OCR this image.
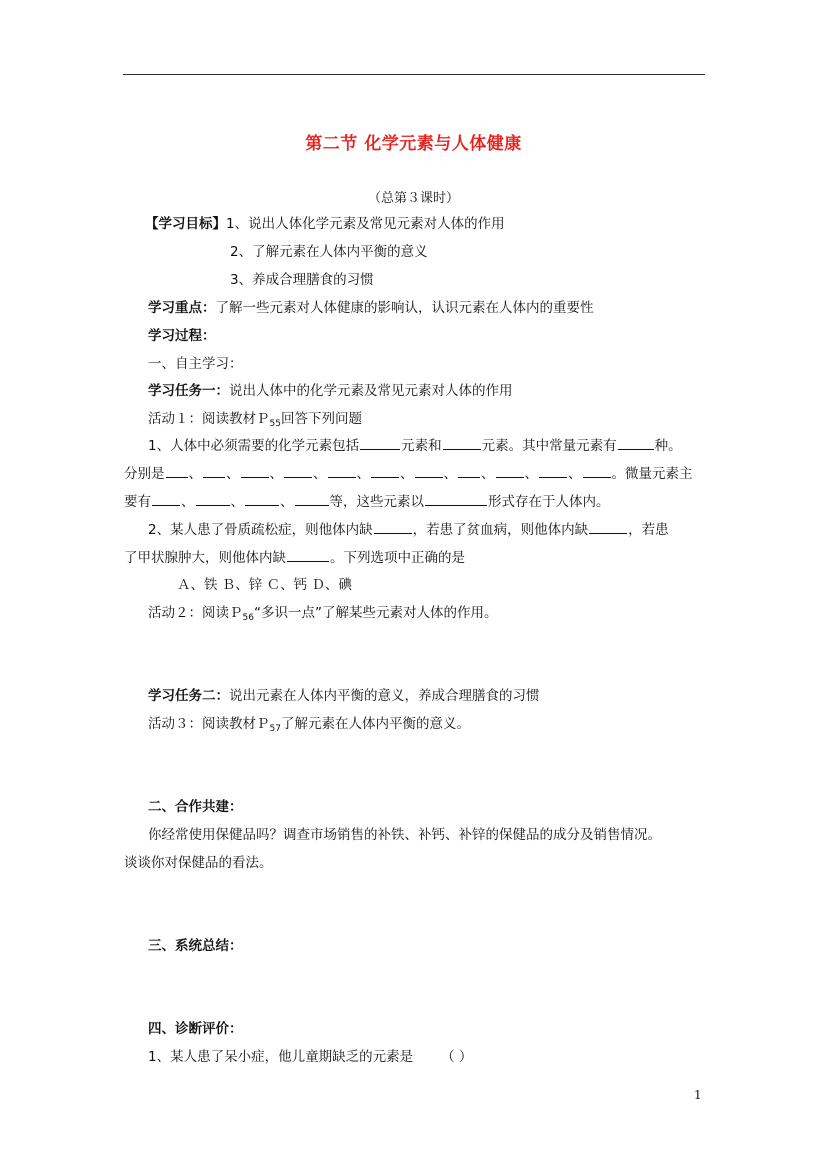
第二节 化学元素与人体健康
（总第３课时）
【学习目标】1、说出人体化学元素及常见元素对人体的作用
2、了解元素在人体内平衡的意义
3、养成合理膳食的习惯
学习重点：了解一些元素对人体健康的影响认，认识元素在人体内的重要性
学习过程：
一、自主学习：
学习任务一：说出人体中的化学元素及常见元素对人体的作用
活动１：阅读教材Ｐ$_{55}$回答下列问题
1、人体中必须需要的化学元素包括	元素和	元素。其中常量元素有	种。
分别是 、 、 、 、 、 、 、 、 、 、 。微量元素主
要有 、	、	、	等，这些元素以	形式存在于人体内。
2、某人患了骨质疏松症，则他体内缺	，若患了贫血病，则他体内缺	，若患
了甲状腺肿大，则他体内缺	。下列选项中正确的是
Ａ、铁 Ｂ、锌 Ｃ、钙 Ｄ、碘
活动２：阅读Ｐ$_{56}$“多识一点”了解某些元素对人体的作用。
学习任务二：说出元素在人体内平衡的意义，养成合理膳食的习惯
活动３：阅读教材Ｐ$_{57}$了解元素在人体内平衡的意义。
二、合作共建：
你经常使用保健品吗？调查市场销售的补铁、补钙、补锌的保健品的成分及销售情况。
谈谈你对保健品的看法。
三、系统总结：
四、诊断评价：
1、某人患了呆小症，他儿童期缺乏的元素是 （ ）
1
